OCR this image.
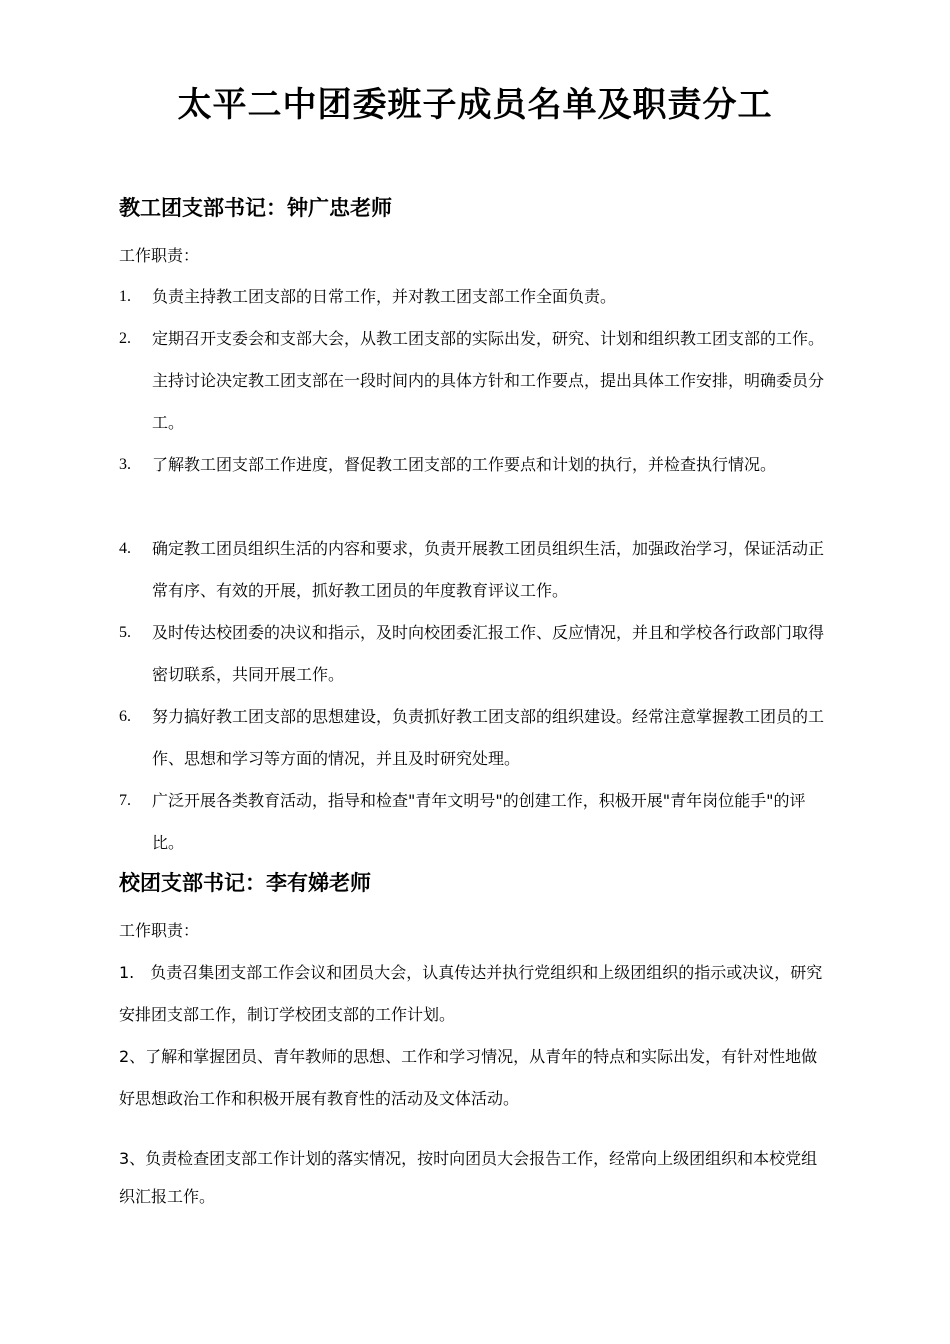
太平二中团委班子成员名单及职责分工
教工团支部书记：钟广忠老师
工作职责：
1. 负责主持教工团支部的日常工作，并对教工团支部工作全面负责。
2. 定期召开支委会和支部大会，从教工团支部的实际出发，研究、计划和组织教工团支部的工作。主持讨论决定教工团支部在一段时间内的具体方针和工作要点，提出具体工作安排，明确委员分工。
3. 了解教工团支部工作进度，督促教工团支部的工作要点和计划的执行，并检查执行情况。
4. 确定教工团员组织生活的内容和要求，负责开展教工团员组织生活，加强政治学习，保证活动正常有序、有效的开展，抓好教工团员的年度教育评议工作。
5. 及时传达校团委的决议和指示，及时向校团委汇报工作、反应情况，并且和学校各行政部门取得密切联系，共同开展工作。
6. 努力搞好教工团支部的思想建设，负责抓好教工团支部的组织建设。经常注意掌握教工团员的工作、思想和学习等方面的情况，并且及时研究处理。
7. 广泛开展各类教育活动，指导和检查"青年文明号"的创建工作，积极开展"青年岗位能手"的评比。
校团支部书记：李有娣老师
工作职责：
1.　负责召集团支部工作会议和团员大会，认真传达并执行党组织和上级团组织的指示或决议，研究安排团支部工作，制订学校团支部的工作计划。
2、了解和掌握团员、青年教师的思想、工作和学习情况，从青年的特点和实际出发，有针对性地做好思想政治工作和积极开展有教育性的活动及文体活动。
3、负责检查团支部工作计划的落实情况，按时向团员大会报告工作，经常向上级团组织和本校党组织汇报工作。
